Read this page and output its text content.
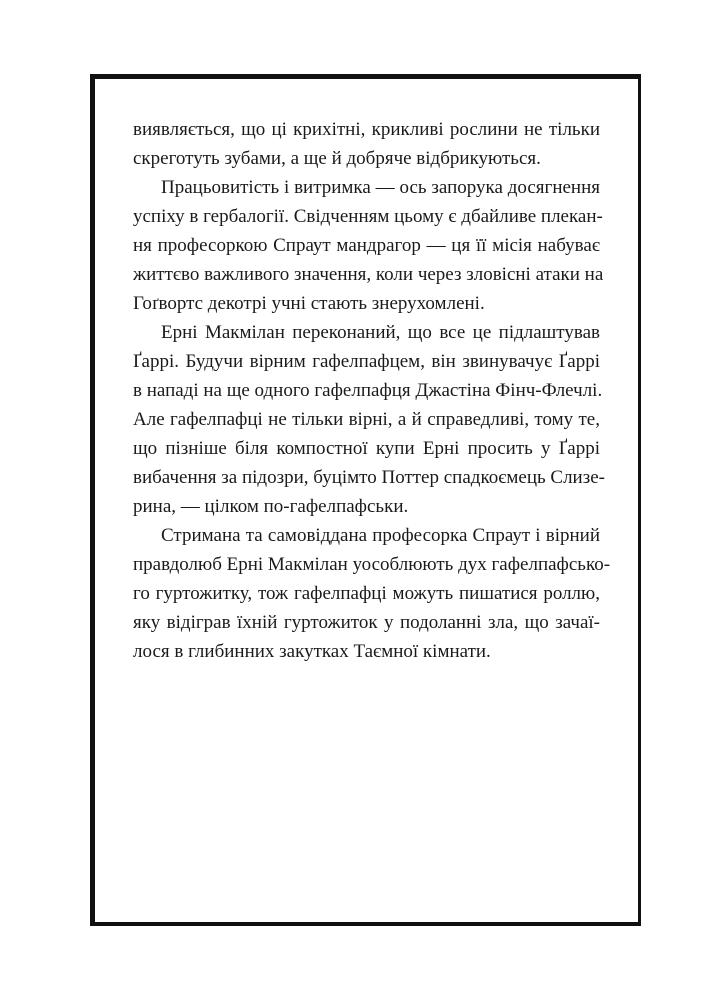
виявляється, що ці крихітні, крикливі рослини не тільки
скреготуть зубами, а ще й добряче відбрикуються.
Працьовитість і витримка — ось запорука досягнення
успіху в гербалогії. Свідченням цьому є дбайливе плекан-
ня професоркою Спраут мандрагор — ця її місія набуває
життєво важливого значення, коли через зловісні атаки на
Гоґвортс декотрі учні стають знерухомлені.
Ерні Макмілан переконаний, що все це підлаштував
Ґаррі. Будучи вірним гафелпафцем, він звинувачує Ґаррі
в нападі на ще одного гафелпафця Джастіна Фінч-Флечлі.
Але гафелпафці не тільки вірні, а й справедливі, тому те,
що пізніше біля компостної купи Ерні просить у Ґаррі
вибачення за підозри, буцімто Поттер спадкоємець Слизе-
рина, — цілком по-гафелпафськи.
Стримана та самовіддана професорка Спраут і вірний
правдолюб Ерні Макмілан уособлюють дух гафелпафсько-
го гуртожитку, тож гафелпафці можуть пишатися роллю,
яку відіграв їхній гуртожиток у подоланні зла, що зачаї-
лося в глибинних закутках Таємної кімнати.
